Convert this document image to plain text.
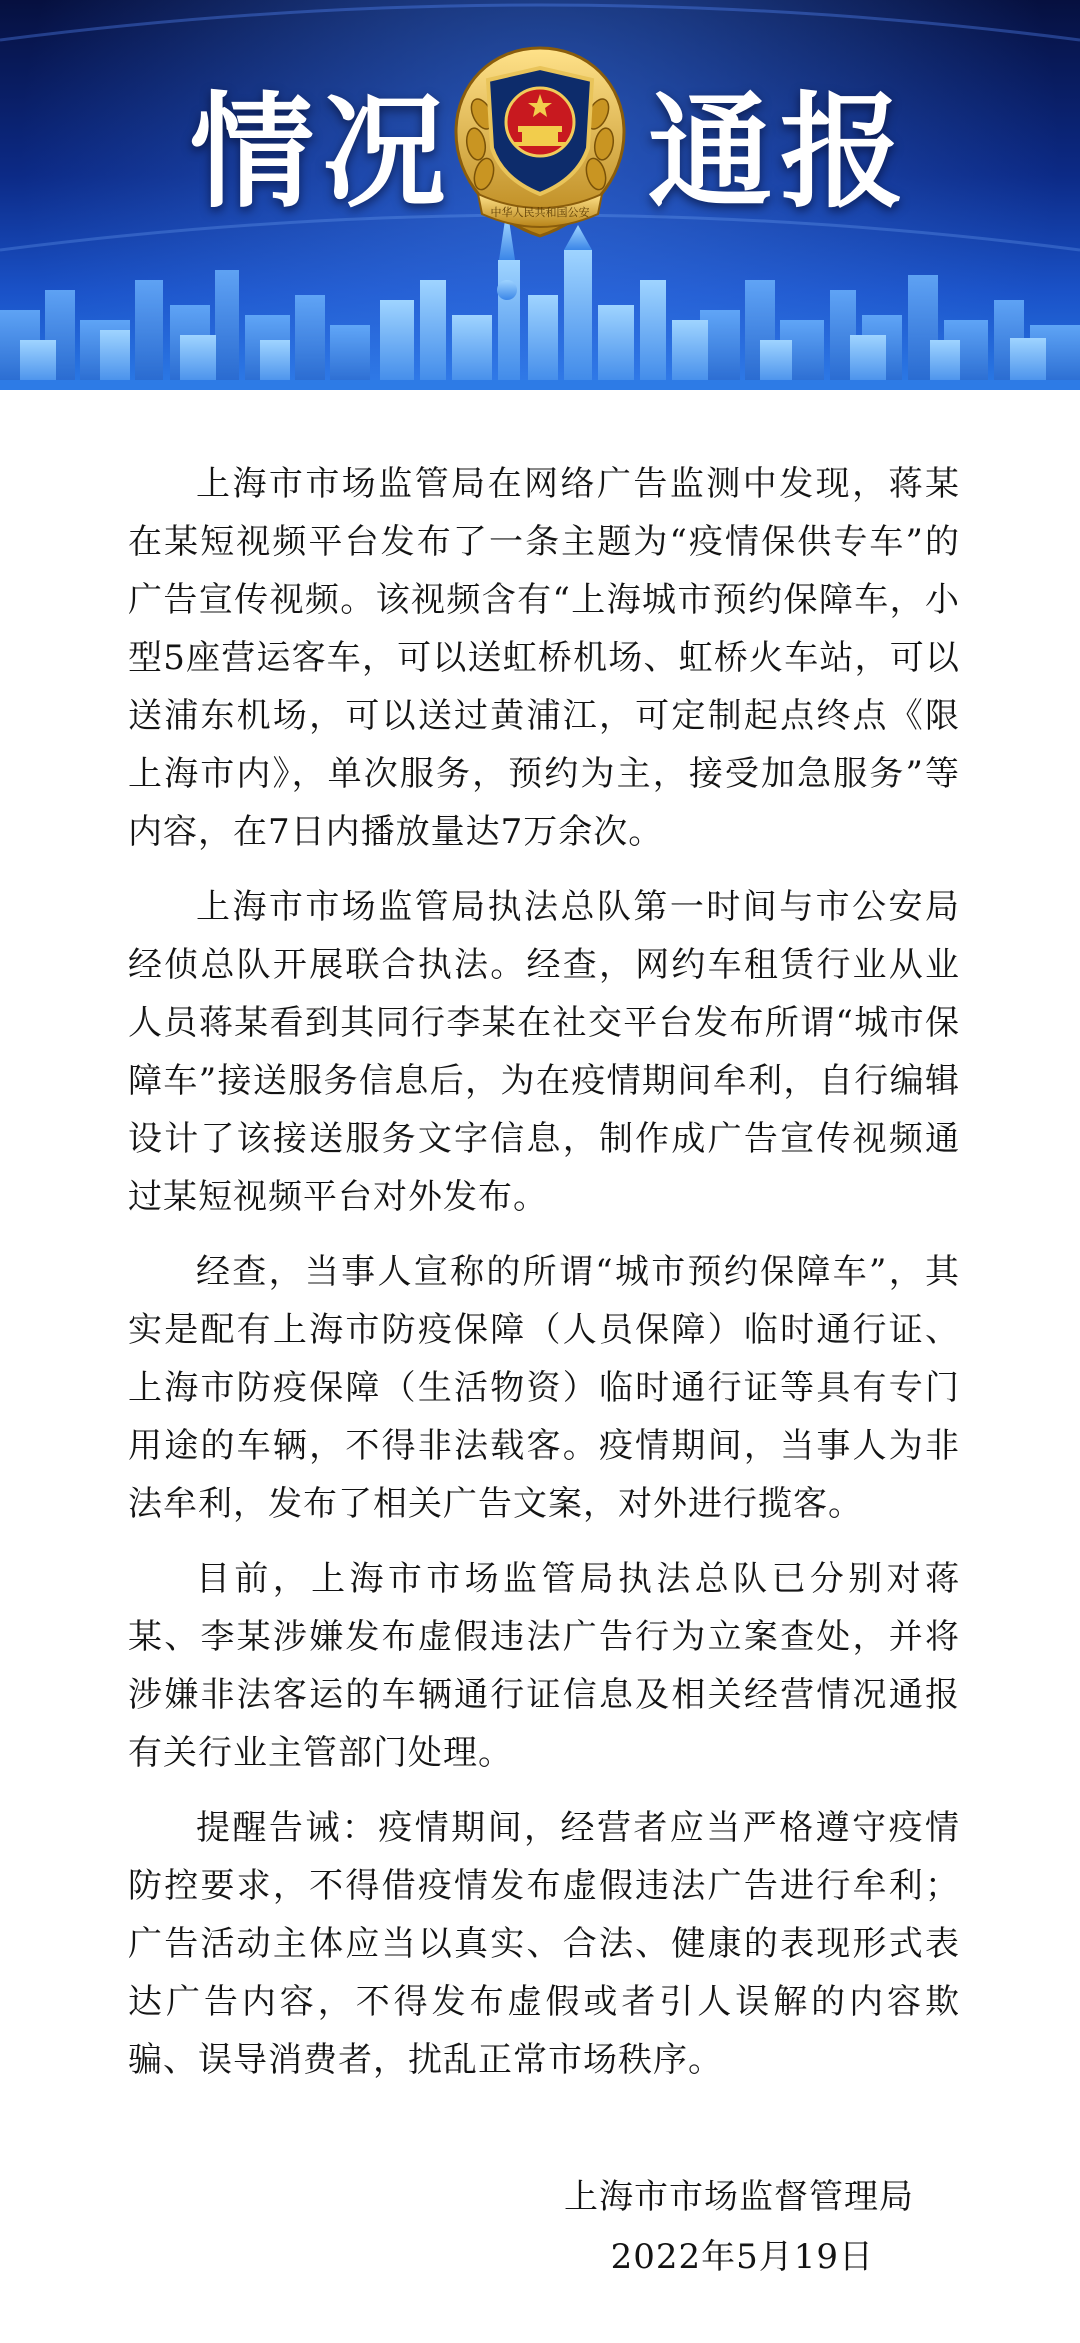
情况	中华人民共和国公安 通报

上海市市场监管局在网络广告监测中发现，蒋某在某短视频平台发布了一条主题为“疫情保供专车”的广告宣传视频。该视频含有“上海城市预约保障车，小型5座营运客车，可以送虹桥机场、虹桥火车站，可以送浦东机场，可以送过黄浦江，可定制起点终点《限上海市内》，单次服务，预约为主，接受加急服务”等内容，在7日内播放量达7万余次。

上海市市场监管局执法总队第一时间与市公安局经侦总队开展联合执法。经查，网约车租赁行业从业人员蒋某看到其同行李某在社交平台发布所谓“城市保障车”接送服务信息后，为在疫情期间牟利，自行编辑设计了该接送服务文字信息，制作成广告宣传视频通过某短视频平台对外发布。

经查，当事人宣称的所谓“城市预约保障车”，其实是配有上海市防疫保障（人员保障）临时通行证、上海市防疫保障（生活物资）临时通行证等具有专门用途的车辆，不得非法载客。疫情期间，当事人为非法牟利，发布了相关广告文案，对外进行揽客。

目前，上海市市场监管局执法总队已分别对蒋某、李某涉嫌发布虚假违法广告行为立案查处，并将涉嫌非法客运的车辆通行证信息及相关经营情况通报有关行业主管部门处理。

提醒告诫：疫情期间，经营者应当严格遵守疫情防控要求，不得借疫情发布虚假违法广告进行牟利；广告活动主体应当以真实、合法、健康的表现形式表达广告内容，不得发布虚假或者引人误解的内容欺骗、误导消费者，扰乱正常市场秩序。

上海市市场监督管理局
2022年5月19日
